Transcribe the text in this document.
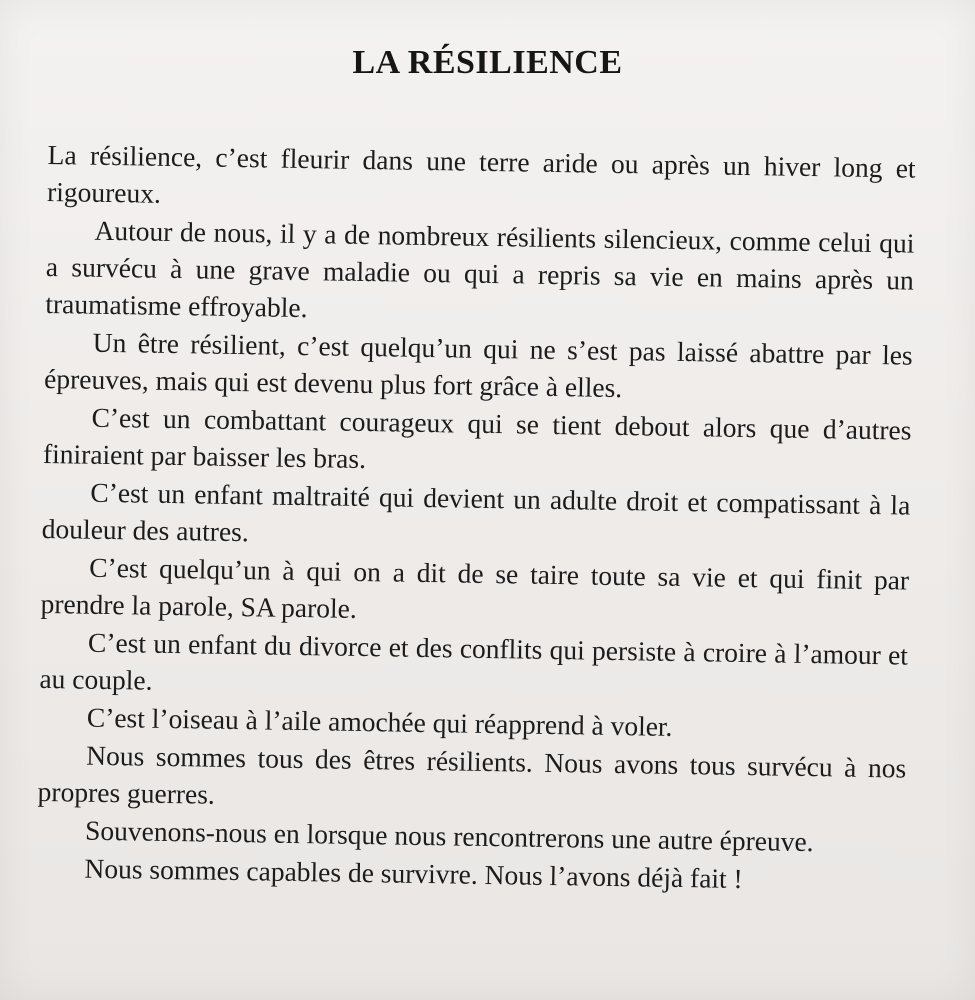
LA RÉSILIENCE

La résilience, c’est fleurir dans une terre aride ou après un hiver long et rigoureux.

Autour de nous, il y a de nombreux résilients silencieux, comme celui qui a survécu à une grave maladie ou qui a repris sa vie en mains après un traumatisme effroyable.

Un être résilient, c’est quelqu’un qui ne s’est pas laissé abattre par les épreuves, mais qui est devenu plus fort grâce à elles.

C’est un combattant courageux qui se tient debout alors que d’autres finiraient par baisser les bras.

C’est un enfant maltraité qui devient un adulte droit et compatissant à la douleur des autres.

C’est quelqu’un à qui on a dit de se taire toute sa vie et qui finit par prendre la parole, SA parole.

C’est un enfant du divorce et des conflits qui persiste à croire à l’amour et au couple.

C’est l’oiseau à l’aile amochée qui réapprend à voler.

Nous sommes tous des êtres résilients. Nous avons tous survécu à nos propres guerres.

Souvenons-nous en lorsque nous rencontrerons une autre épreuve.

Nous sommes capables de survivre. Nous l’avons déjà fait !
